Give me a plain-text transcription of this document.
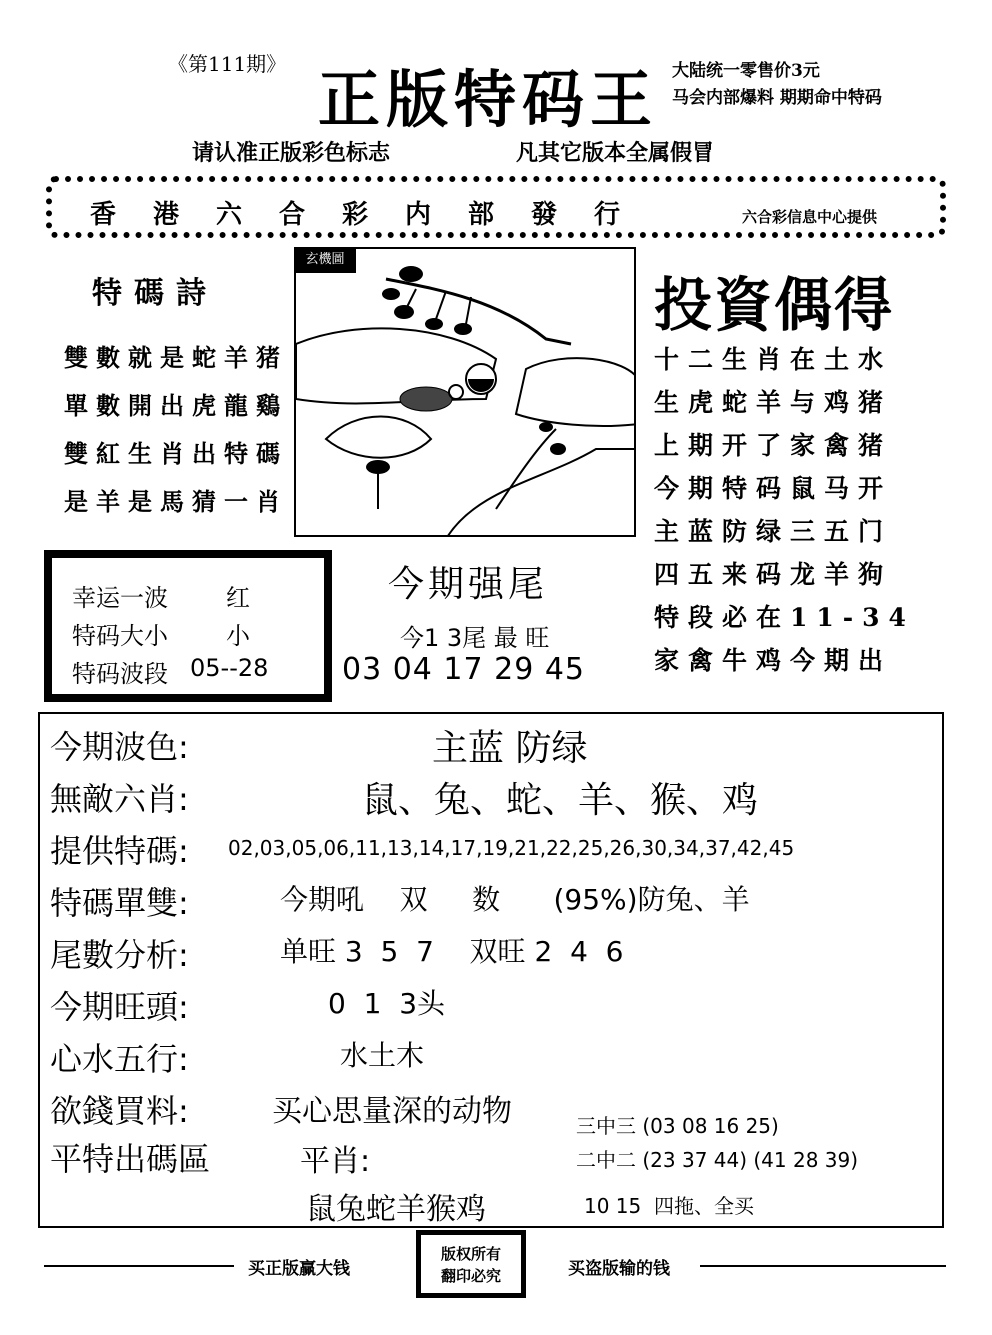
《第111期》 正版特码王 大陆统一零售价3元
马会内部爆料 期期命中特码
请认准正版彩色标志	凡其它版本全属假冒
香港六合彩内部發行	六合彩信息中心提供
特碼詩
雙數就是蛇羊猪
單數開出虎龍鷄
雙紅生肖出特碼
是羊是馬猜一肖
玄機圖
投資偶得
十二生肖在土水
生虎蛇羊与鸡猪
上期开了家禽猪
今期特码鼠马开
主蓝防绿三五门
四五来码龙羊狗
特段必在11-34
家禽牛鸡今期出
幸运一波 红
特码大小 小
特码波段 05--28
今期强尾
今1 3尾 最 旺
03 04 17 29 45
今期波色:	主蓝 防绿
無敵六肖:	鼠、兔、蛇、羊、猴、鸡
提供特碼: 02,03,05,06,11,13,14,17,19,21,22,25,26,30,34,37,42,45
特碼單雙:	今期吼    双     数      (95%)防兔、羊
尾數分析:	单旺 3  5  7    双旺 2  4  6
今期旺頭:	0  1  3头
心水五行:	水土木
欲錢買料:	买心思量深的动物
平特出碼區	平肖:
鼠兔蛇羊猴鸡
三中三 (03 08 16 25)
二中二 (23 37 44) (41 28 39)
10 15  四拖、全买
买正版赢大钱
版权所有
翻印必究	买盗版输的钱
